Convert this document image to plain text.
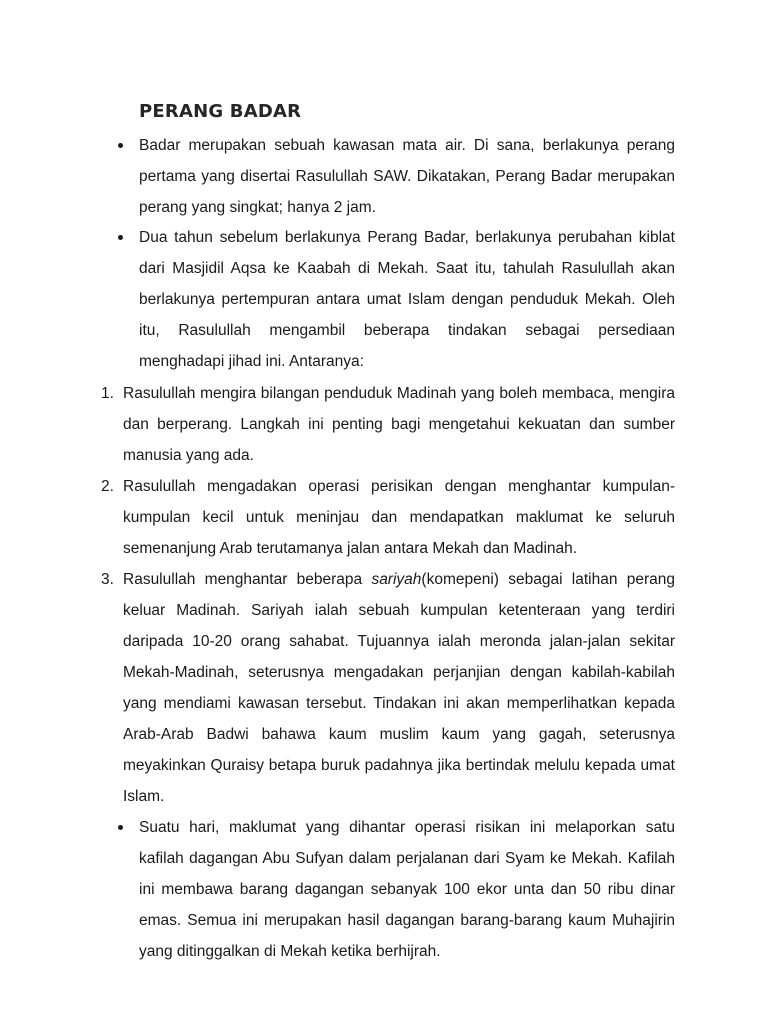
PERANG BADAR

Badar merupakan sebuah kawasan mata air. Di sana, berlakunya perang pertama yang disertai Rasulullah SAW. Dikatakan, Perang Badar merupakan perang yang singkat; hanya 2 jam.

Dua tahun sebelum berlakunya Perang Badar, berlakunya perubahan kiblat dari Masjidil Aqsa ke Kaabah di Mekah. Saat itu, tahulah Rasulullah akan berlakunya pertempuran antara umat Islam dengan penduduk Mekah. Oleh itu, Rasulullah mengambil beberapa tindakan sebagai persediaan menghadapi jihad ini. Antaranya:

1. Rasulullah mengira bilangan penduduk Madinah yang boleh membaca, mengira dan berperang. Langkah ini penting bagi mengetahui kekuatan dan sumber manusia yang ada.

2. Rasulullah mengadakan operasi perisikan dengan menghantar kumpulan-kumpulan kecil untuk meninjau dan mendapatkan maklumat ke seluruh semenanjung Arab terutamanya jalan antara Mekah dan Madinah.

3. Rasulullah menghantar beberapa sariyah(komepeni) sebagai latihan perang keluar Madinah. Sariyah ialah sebuah kumpulan ketenteraan yang terdiri daripada 10-20 orang sahabat. Tujuannya ialah meronda jalan-jalan sekitar Mekah-Madinah, seterusnya mengadakan perjanjian dengan kabilah-kabilah yang mendiami kawasan tersebut. Tindakan ini akan memperlihatkan kepada Arab-Arab Badwi bahawa kaum muslim kaum yang gagah, seterusnya meyakinkan Quraisy betapa buruk padahnya jika bertindak melulu kepada umat Islam.

Suatu hari, maklumat yang dihantar operasi risikan ini melaporkan satu kafilah dagangan Abu Sufyan dalam perjalanan dari Syam ke Mekah. Kafilah ini membawa barang dagangan sebanyak 100 ekor unta dan 50 ribu dinar emas. Semua ini merupakan hasil dagangan barang-barang kaum Muhajirin yang ditinggalkan di Mekah ketika berhijrah.
